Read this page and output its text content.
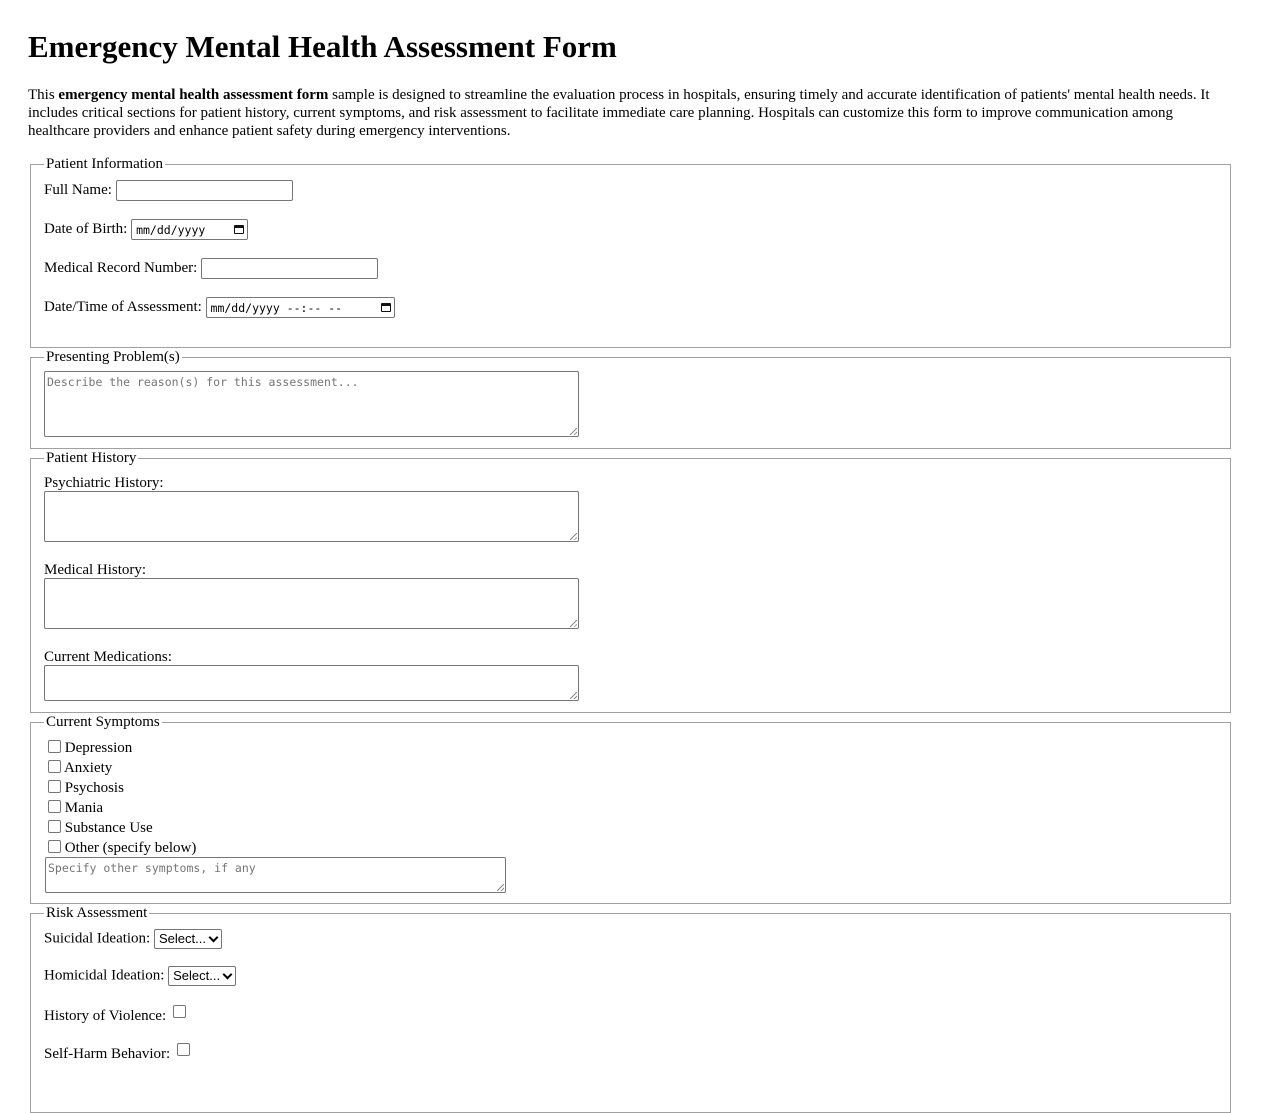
Emergency Mental Health Assessment Form

This emergency mental health assessment form sample is designed to streamline the evaluation process in hospitals, ensuring timely and accurate identification of patients' mental health needs. It includes critical sections for patient history, current symptoms, and risk assessment to facilitate immediate care planning. Hospitals can customize this form to improve communication among healthcare providers and enhance patient safety during emergency interventions.

Patient Information
Full Name:
Date of Birth: mm/dd/yyyy
Medical Record Number:
Date/Time of Assessment: mm/dd/yyyy --:-- --
Presenting Problem(s)
Describe the reason(s) for this assessment...
Patient History
Psychiatric History:
Medical History:
Current Medications:
Current Symptoms
Depression
Anxiety
Psychosis
Mania
Substance Use
Other (specify below)
Specify other symptoms, if any
Risk Assessment
Suicidal Ideation: Select...
Homicidal Ideation: Select...
History of Violence:
Self-Harm Behavior:
